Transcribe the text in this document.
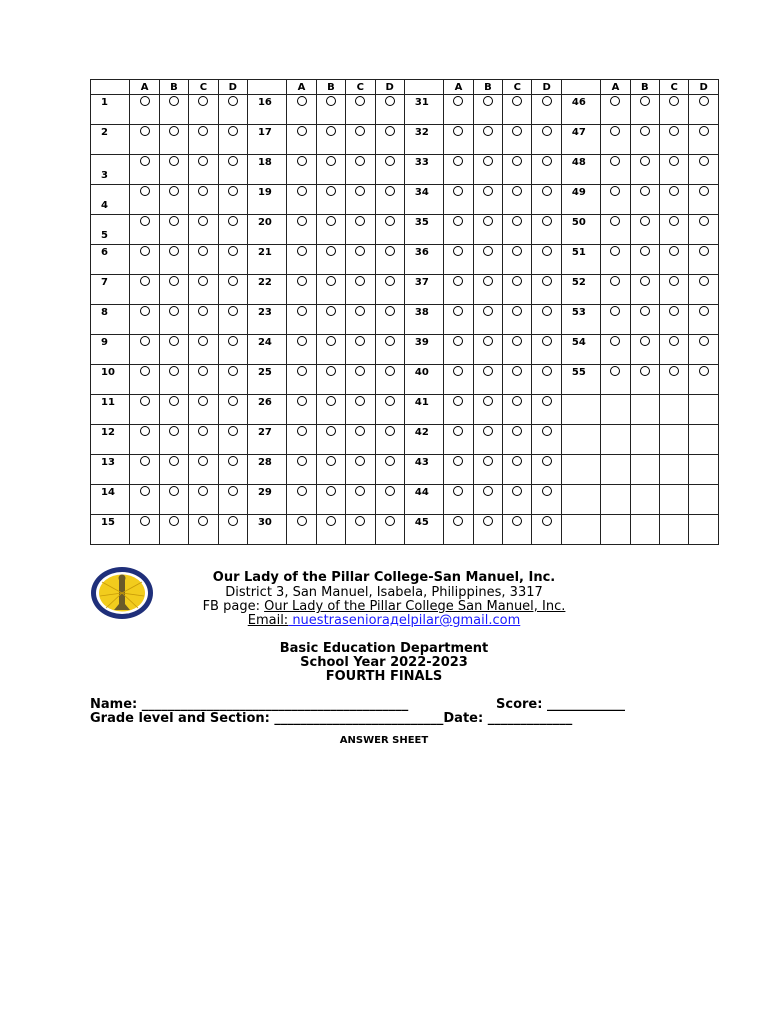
	A	B	C	D		A	B	C	D		A	B	C	D		A	B	C	D
1					16					31					46				
2					17					32					47				
3					18					33					48				
4					19					34					49				
5					20					35					50				
6					21					36					51				
7					22					37					52				
8					23					38					53				
9					24					39					54				
10					25					40					55				
11					26					41									
12					27					42									
13					28					43									
14					29					44									
15					30					45									
Our Lady of the Pillar College-San Manuel, Inc.
District 3, San Manuel, Isabela, Philippines, 3317
FB page: Our Lady of the Pillar College San Manuel, Inc.
Email: nuestraseniorадelpilar@gmail.com
Basic Education Department
School Year 2022-2023
FOURTH FINALS
Name: _________________________________________	Score: ____________
Grade level and Section: __________________________Date: _____________
ANSWER SHEET
